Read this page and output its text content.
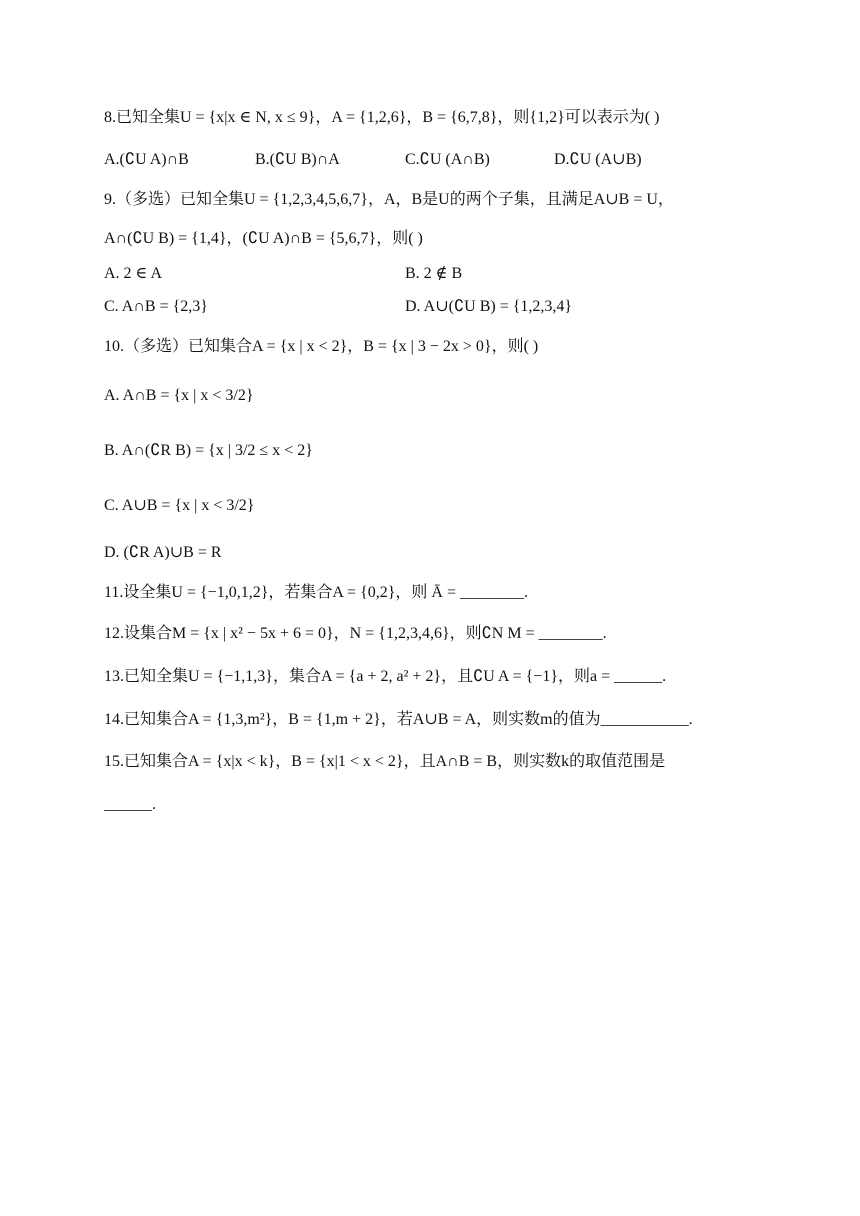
8.已知全集U = {x|x ∈ N, x ≤ 9}，A = {1,2,6}，B = {6,7,8}，则{1,2}可以表示为( )
A.(∁U A)∩B	B.(∁U B)∩A	C.∁U (A∩B)	D.∁U (A∪B)
9.（多选）已知全集U = {1,2,3,4,5,6,7}，A，B是U的两个子集，且满足A∪B = U，
A∩(∁U B) = {1,4}，(∁U A)∩B = {5,6,7}，则( )
A. 2 ∈ A	B. 2 ∉ B
C. A∩B = {2,3}	D. A∪(∁U B) = {1,2,3,4}
10.（多选）已知集合A = {x | x < 2}，B = {x | 3 − 2x > 0}，则( )
A. A∩B = {x | x < 3/2}
B. A∩(∁R B) = {x | 3/2 ≤ x < 2}
C. A∪B = {x | x < 3/2}
D. (∁R A)∪B = R
11.设全集U = {−1,0,1,2}，若集合A = {0,2}，则 Ā = ________.
12.设集合M = {x | x² − 5x + 6 = 0}，N = {1,2,3,4,6}，则∁N M = ________.
13.已知全集U = {−1,1,3}，集合A = {a + 2, a² + 2}，且∁U A = {−1}，则a = ______.
14.已知集合A = {1,3,m²}，B = {1,m + 2}，若A∪B = A，则实数m的值为___________.
15.已知集合A = {x|x < k}，B = {x|1 < x < 2}，且A∩B = B，则实数k的取值范围是
______.
